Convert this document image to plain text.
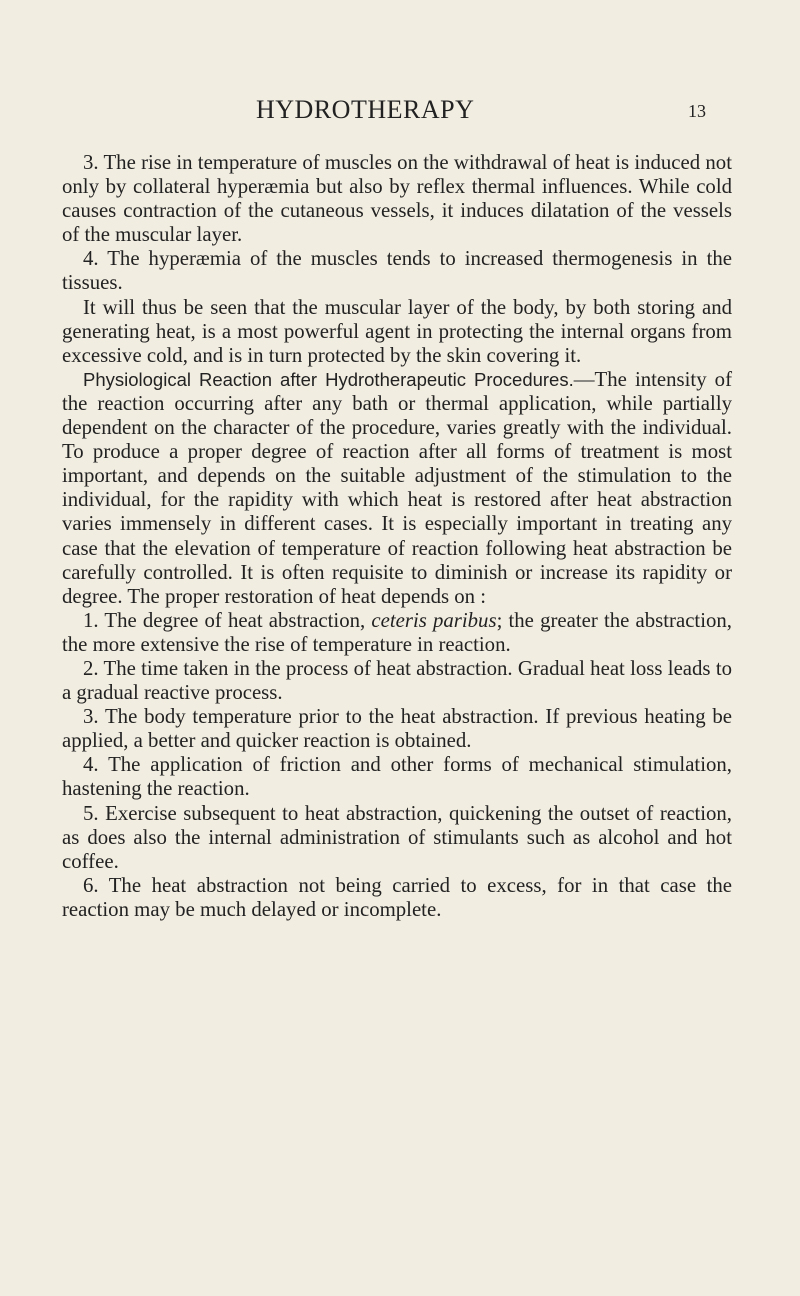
HYDROTHERAPY	13

3. The rise in temperature of muscles on the withdrawal of heat is induced not only by collateral hyperæmia but also by reflex thermal influences. While cold causes contraction of the cutaneous vessels, it induces dilatation of the vessels of the muscular layer.

4. The hyperæmia of the muscles tends to increased thermogenesis in the tissues.

It will thus be seen that the muscular layer of the body, by both storing and generating heat, is a most powerful agent in protecting the internal organs from excessive cold, and is in turn protected by the skin covering it.

Physiological Reaction after Hydrotherapeutic Procedures.—The intensity of the reaction occurring after any bath or thermal application, while partially dependent on the character of the procedure, varies greatly with the individual. To produce a proper degree of reaction after all forms of treatment is most important, and depends on the suitable adjustment of the stimulation to the individual, for the rapidity with which heat is restored after heat abstraction varies immensely in different cases. It is especially important in treating any case that the elevation of temperature of reaction following heat abstraction be carefully controlled. It is often requisite to diminish or increase its rapidity or degree. The proper restoration of heat depends on :

1. The degree of heat abstraction, ceteris paribus; the greater the abstraction, the more extensive the rise of temperature in reaction.

2. The time taken in the process of heat abstraction. Gradual heat loss leads to a gradual reactive process.

3. The body temperature prior to the heat abstraction. If previous heating be applied, a better and quicker reaction is obtained.

4. The application of friction and other forms of mechanical stimulation, hastening the reaction.

5. Exercise subsequent to heat abstraction, quickening the outset of reaction, as does also the internal administration of stimulants such as alcohol and hot coffee.

6. The heat abstraction not being carried to excess, for in that case the reaction may be much delayed or incomplete.
